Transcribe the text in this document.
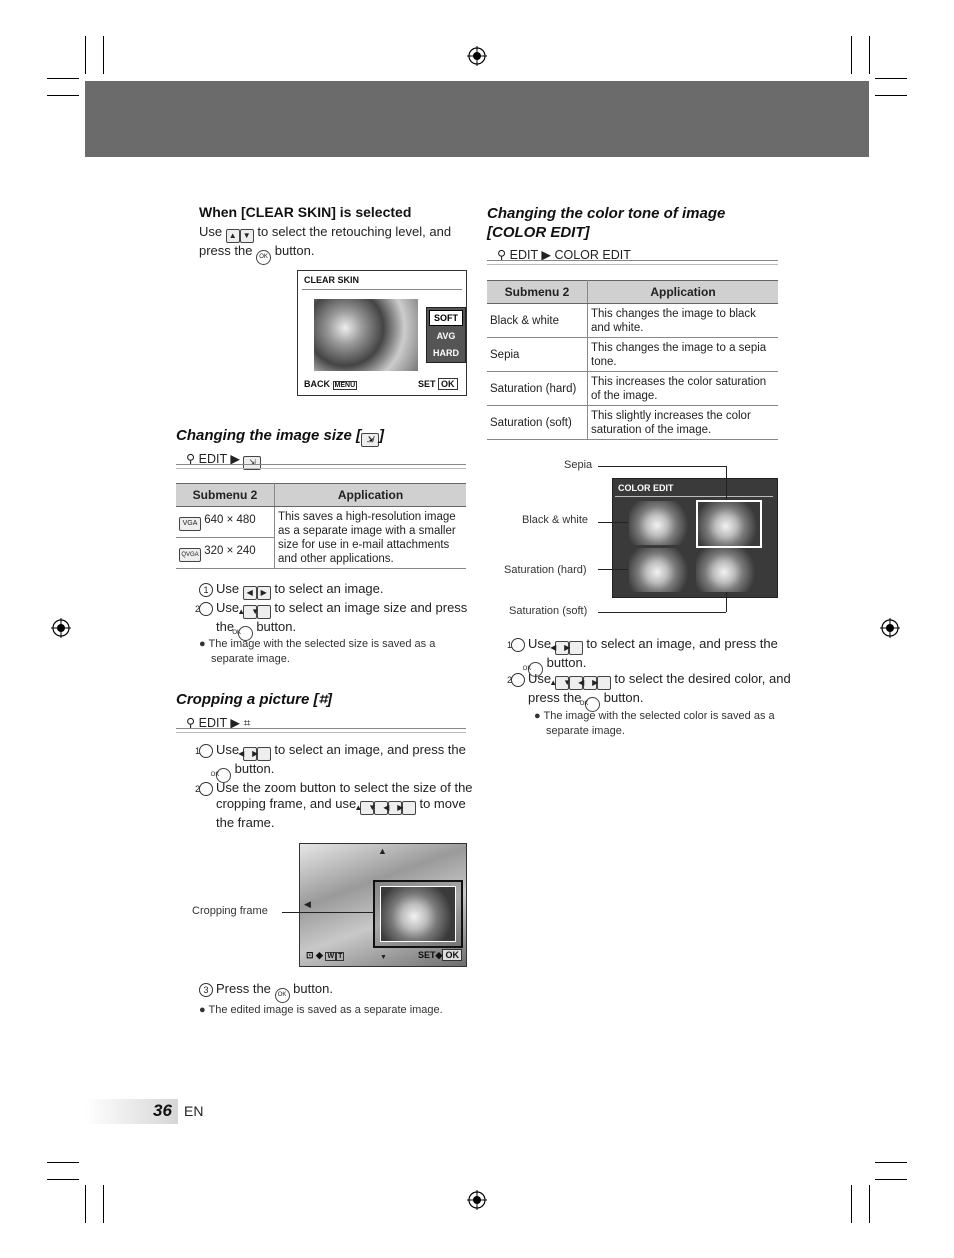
When [CLEAR SKIN] is selected
Use ▲ ▼ to select the retouching level, and press the OK button.
CLEAR SKIN
SOFT
AVG
HARD
BACK MENU	SET OK
Changing the image size [ ⇲ ]
⚲ EDIT ▶ ⇲
Submenu 2	Application
VGA 640 × 480	This saves a high-resolution image as a separate image with a smaller size for use in e-mail attachments and other applications.
QVGA 320 × 240	
1 Use ◀ ▶ to select an image.
2 Use ▲ ▼ to select an image size and press the OK button.
● The image with the selected size is saved as a separate image.
Cropping a picture [⌗]
⚲ EDIT ▶ ⌗
1 Use ◀ ▶ to select an image, and press the OK button.
2 Use the zoom button to select the size of the cropping frame, and use ▲ ▼ ◀ ▶ to move the frame.
▲
◀
▼
⊡ ◆ W T	SET◆ OK
Cropping frame
3 Press the OK button.
● The edited image is saved as a separate image.
36 EN
Changing the color tone of image [COLOR EDIT]
⚲ EDIT ▶ COLOR EDIT
Submenu 2	Application
Black & white	This changes the image to black and white.
Sepia	This changes the image to a sepia tone.
Saturation (hard)	This increases the color saturation of the image.
Saturation (soft)	This slightly increases the color saturation of the image.
COLOR EDIT
Sepia
Black & white
Saturation (hard)
Saturation (soft)
1 Use ◀ ▶ to select an image, and press the OK button.
2 Use ▲ ▼ ◀ ▶ to select the desired color, and press the OK button.
● The image with the selected color is saved as a separate image.
